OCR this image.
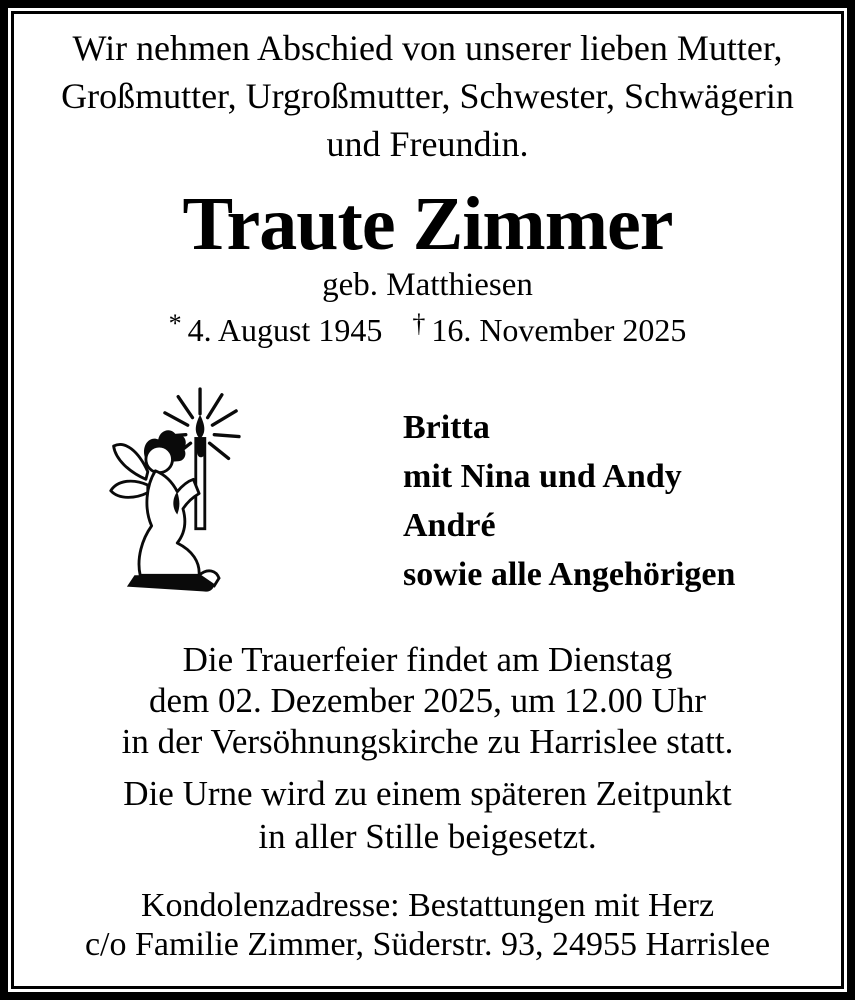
Wir nehmen Abschied von unserer lieben Mutter,
Großmutter, Urgroßmutter, Schwester, Schwägerin
und Freundin.
Traute Zimmer
geb. Matthiesen
* 4. August 1945 † 16. November 2025
Britta
mit Nina und Andy
André
sowie alle Angehörigen
Die Trauerfeier findet am Dienstag
dem 02. Dezember 2025, um 12.00 Uhr
in der Versöhnungskirche zu Harrislee statt.
Die Urne wird zu einem späteren Zeitpunkt
in aller Stille beigesetzt.
Kondolenzadresse: Bestattungen mit Herz
c/o Familie Zimmer, Süderstr. 93, 24955 Harrislee
